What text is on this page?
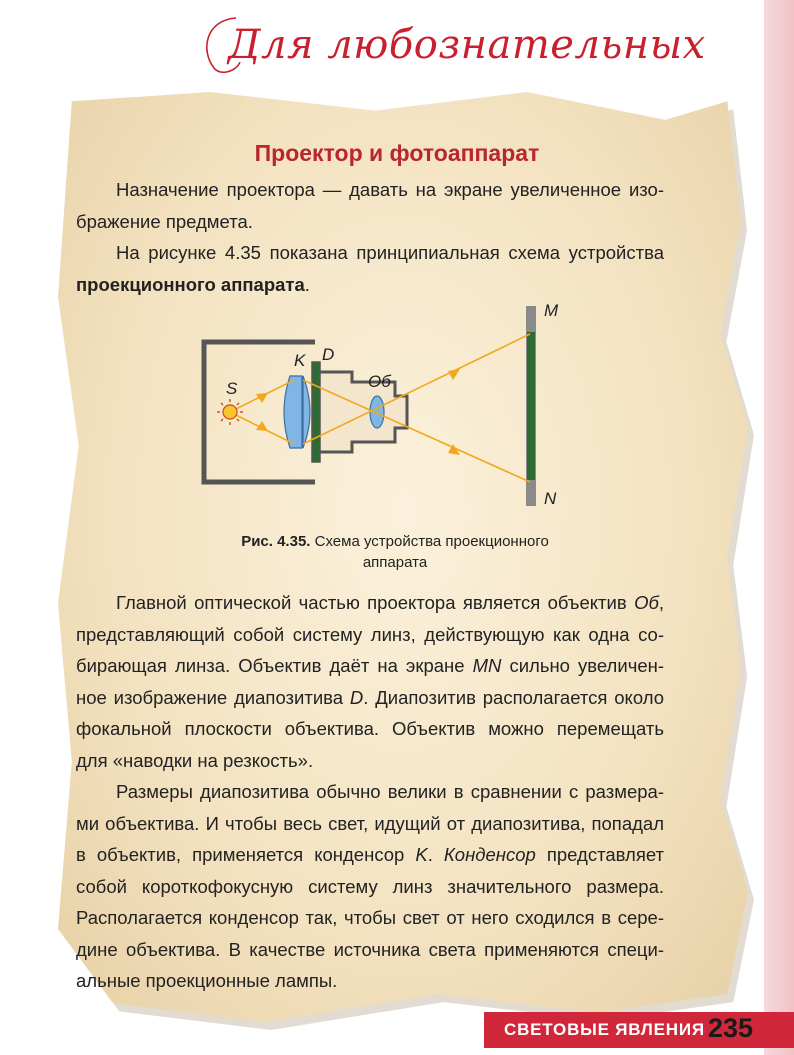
Для любознательных
Проектор и фотоаппарат
Назначение проектора — давать на экране увеличенное изо-
бражение предмета.
На рисунке 4.35 показана принципиальная схема устройства
проекционного аппарата.
S
K D
Об
M
N
Рис. 4.35. Схема устройства проекционного
аппарата
Главной оптической частью проектора является объектив Об,
представляющий собой систему линз, действующую как одна со-
бирающая линза. Объектив даёт на экране MN сильно увеличен-
ное изображение диапозитива D. Диапозитив располагается около
фокальной плоскости объектива. Объектив можно перемещать
для «наводки на резкость».
Размеры диапозитива обычно велики в сравнении с размера-
ми объектива. И чтобы весь свет, идущий от диапозитива, попадал
в объектив, применяется конденсор K. Конденсор представляет
собой короткофокусную систему линз значительного размера.
Располагается конденсор так, чтобы свет от него сходился в сере-
дине объектива. В качестве источника света применяются специ-
альные проекционные лампы.
СВЕТОВЫЕ ЯВЛЕНИЯ 235
